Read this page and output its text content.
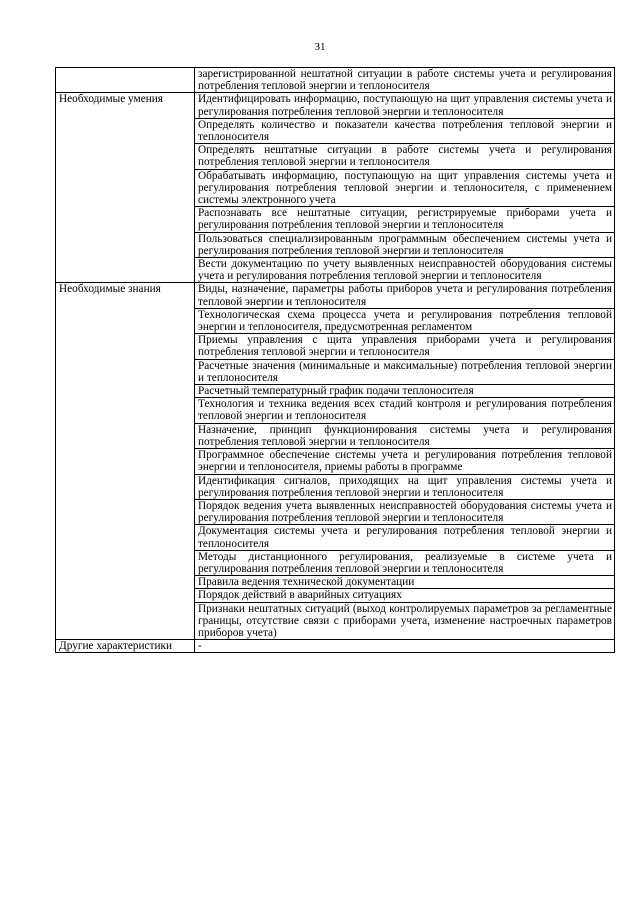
31
	зарегистрированной нештатной ситуации в работе системы учета и регулирования потребления тепловой энергии и теплоносителя
Необходимые умения	Идентифицировать информацию, поступающую на щит управления системы учета и регулирования потребления тепловой энергии и теплоносителя
	Определять количество и показатели качества потребления тепловой энергии и теплоносителя
	Определять нештатные ситуации в работе системы учета и регулирования потребления тепловой энергии и теплоносителя
	Обрабатывать информацию, поступающую на щит управления системы учета и регулирования потребления тепловой энергии и теплоносителя, с применением системы электронного учета
	Распознавать все нештатные ситуации, регистрируемые приборами учета и регулирования потребления тепловой энергии и теплоносителя
	Пользоваться специализированным программным обеспечением системы учета и регулирования потребления тепловой энергии и теплоносителя
	Вести документацию по учету выявленных неисправностей оборудования системы учета и регулирования потребления тепловой энергии и теплоносителя
Необходимые знания	Виды, назначение, параметры работы приборов учета и регулирования потребления тепловой энергии и теплоносителя
	Технологическая схема процесса учета и регулирования потребления тепловой энергии и теплоносителя, предусмотренная регламентом
	Приемы управления с щита управления приборами учета и регулирования потребления тепловой энергии и теплоносителя
	Расчетные значения (минимальные и максимальные) потребления тепловой энергии и теплоносителя
	Расчетный температурный график подачи теплоносителя
	Технология и техника ведения всех стадий контроля и регулирования потребления тепловой энергии и теплоносителя
	Назначение, принцип функционирования системы учета и регулирования потребления тепловой энергии и теплоносителя
	Программное обеспечение системы учета и регулирования потребления тепловой энергии и теплоносителя, приемы работы в программе
	Идентификация сигналов, приходящих на щит управления системы учета и регулирования потребления тепловой энергии и теплоносителя
	Порядок ведения учета выявленных неисправностей оборудования системы учета и регулирования потребления тепловой энергии и теплоносителя
	Документация системы учета и регулирования потребления тепловой энергии и теплоносителя
	Методы дистанционного регулирования, реализуемые в системе учета и регулирования потребления тепловой энергии и теплоносителя
	Правила ведения технической документации
	Порядок действий в аварийных ситуациях
	Признаки нештатных ситуаций (выход контролируемых параметров за регламентные границы, отсутствие связи с приборами учета, изменение настроечных параметров приборов учета)
Другие характеристики	-
